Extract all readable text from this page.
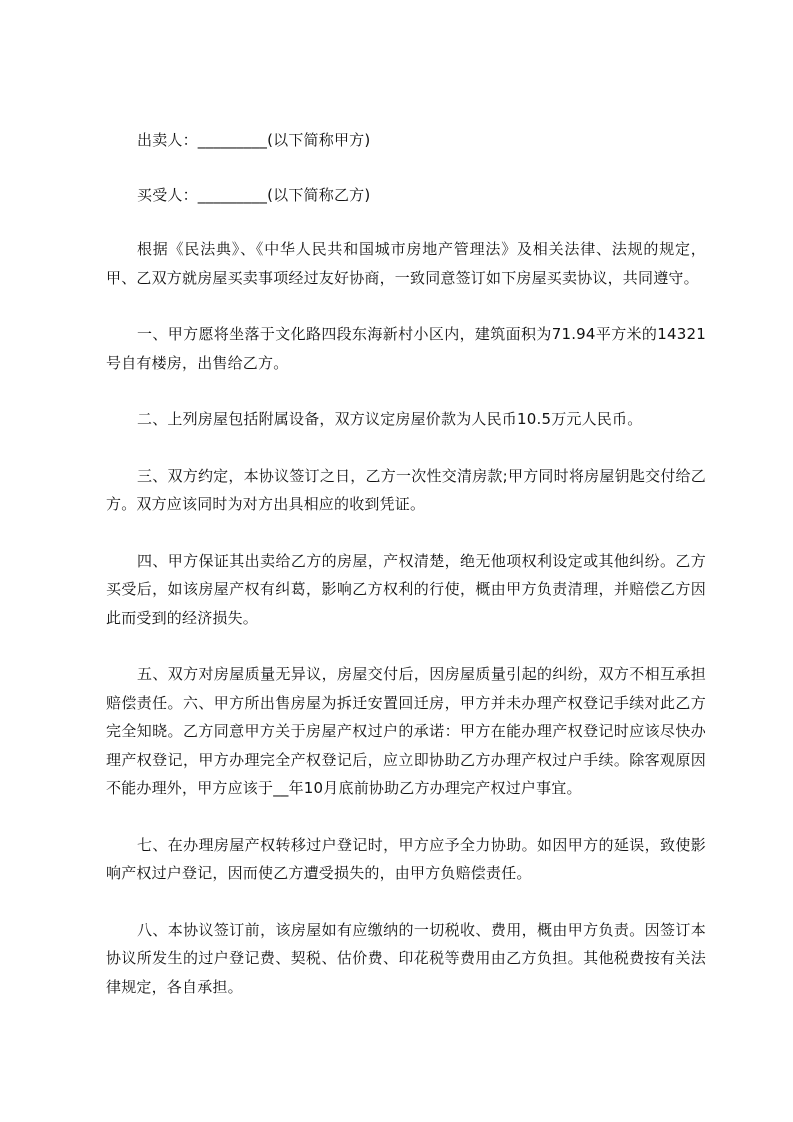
出卖人：_________(以下简称甲方)

买受人：_________(以下简称乙方)

根据《民法典》、《中华人民共和国城市房地产管理法》及相关法律、法规的规定，甲、乙双方就房屋买卖事项经过友好协商，一致同意签订如下房屋买卖协议，共同遵守。

一、甲方愿将坐落于文化路四段东海新村小区内，建筑面积为71.94平方米的14321号自有楼房，出售给乙方。

二、上列房屋包括附属设备，双方议定房屋价款为人民币10.5万元人民币。

三、双方约定，本协议签订之日，乙方一次性交清房款;甲方同时将房屋钥匙交付给乙方。双方应该同时为对方出具相应的收到凭证。

四、甲方保证其出卖给乙方的房屋，产权清楚，绝无他项权利设定或其他纠纷。乙方买受后，如该房屋产权有纠葛，影响乙方权利的行使，概由甲方负责清理，并赔偿乙方因此而受到的经济损失。

五、双方对房屋质量无异议，房屋交付后，因房屋质量引起的纠纷，双方不相互承担赔偿责任。六、甲方所出售房屋为拆迁安置回迁房，甲方并未办理产权登记手续对此乙方完全知晓。乙方同意甲方关于房屋产权过户的承诺：甲方在能办理产权登记时应该尽快办理产权登记，甲方办理完全产权登记后，应立即协助乙方办理产权过户手续。除客观原因不能办理外，甲方应该于__年10月底前协助乙方办理完产权过户事宜。

七、在办理房屋产权转移过户登记时，甲方应予全力协助。如因甲方的延误，致使影响产权过户登记，因而使乙方遭受损失的，由甲方负赔偿责任。

八、本协议签订前，该房屋如有应缴纳的一切税收、费用，概由甲方负责。因签订本协议所发生的过户登记费、契税、估价费、印花税等费用由乙方负担。其他税费按有关法律规定，各自承担。
